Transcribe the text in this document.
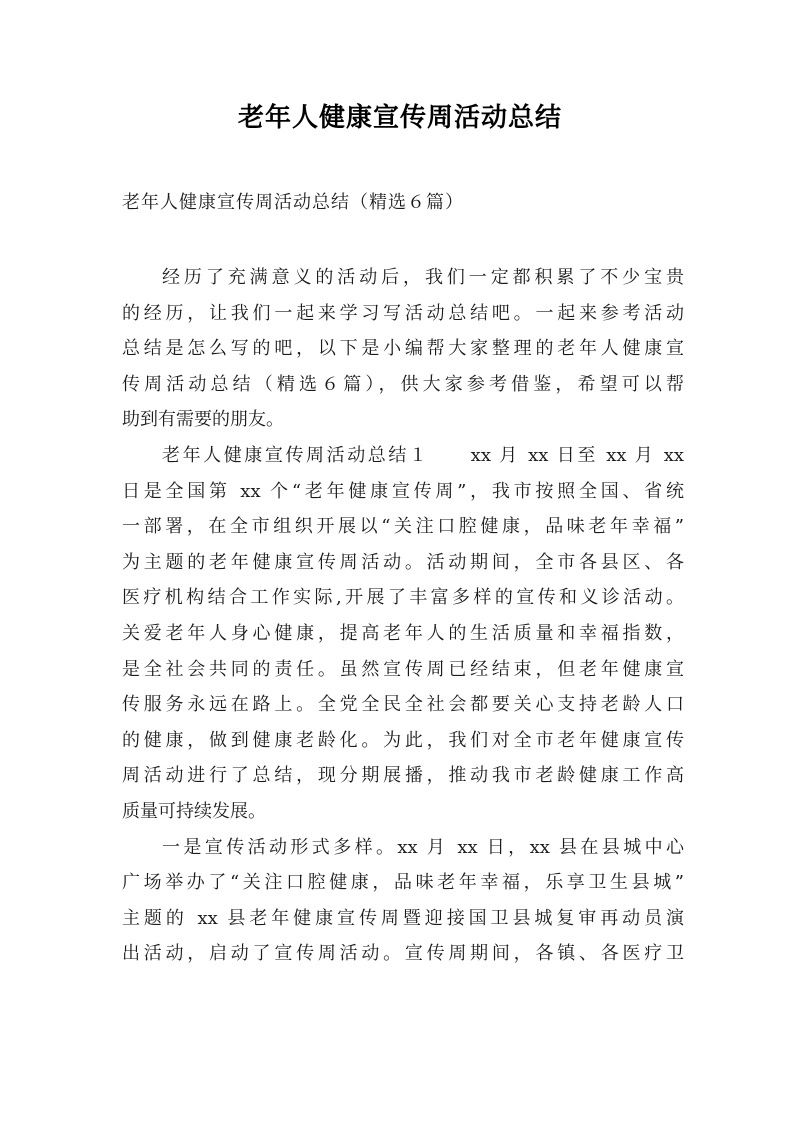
老年人健康宣传周活动总结
老年人健康宣传周活动总结（精选６篇）
经历了充满意义的活动后，我们一定都积累了不少宝贵
的经历，让我们一起来学习写活动总结吧。一起来参考活动
总结是怎么写的吧，以下是小编帮大家整理的老年人健康宣
传周活动总结（精选６篇），供大家参考借鉴，希望可以帮
助到有需要的朋友。
老年人健康宣传周活动总结１　　xx 月 xx 日至 xx 月 xx
日是全国第 xx 个“老年健康宣传周”，我市按照全国、省统
一部署，在全市组织开展以“关注口腔健康，品味老年幸福”
为主题的老年健康宣传周活动。活动期间，全市各县区、各
医疗机构结合工作实际,开展了丰富多样的宣传和义诊活动。
关爱老年人身心健康，提高老年人的生活质量和幸福指数，
是全社会共同的责任。虽然宣传周已经结束，但老年健康宣
传服务永远在路上。全党全民全社会都要关心支持老龄人口
的健康，做到健康老龄化。为此，我们对全市老年健康宣传
周活动进行了总结，现分期展播，推动我市老龄健康工作高
质量可持续发展。
一是宣传活动形式多样。xx 月 xx 日，xx 县在县城中心
广场举办了“关注口腔健康，品味老年幸福，乐享卫生县城”
主题的 xx 县老年健康宣传周暨迎接国卫县城复审再动员演
出活动，启动了宣传周活动。宣传周期间，各镇、各医疗卫
